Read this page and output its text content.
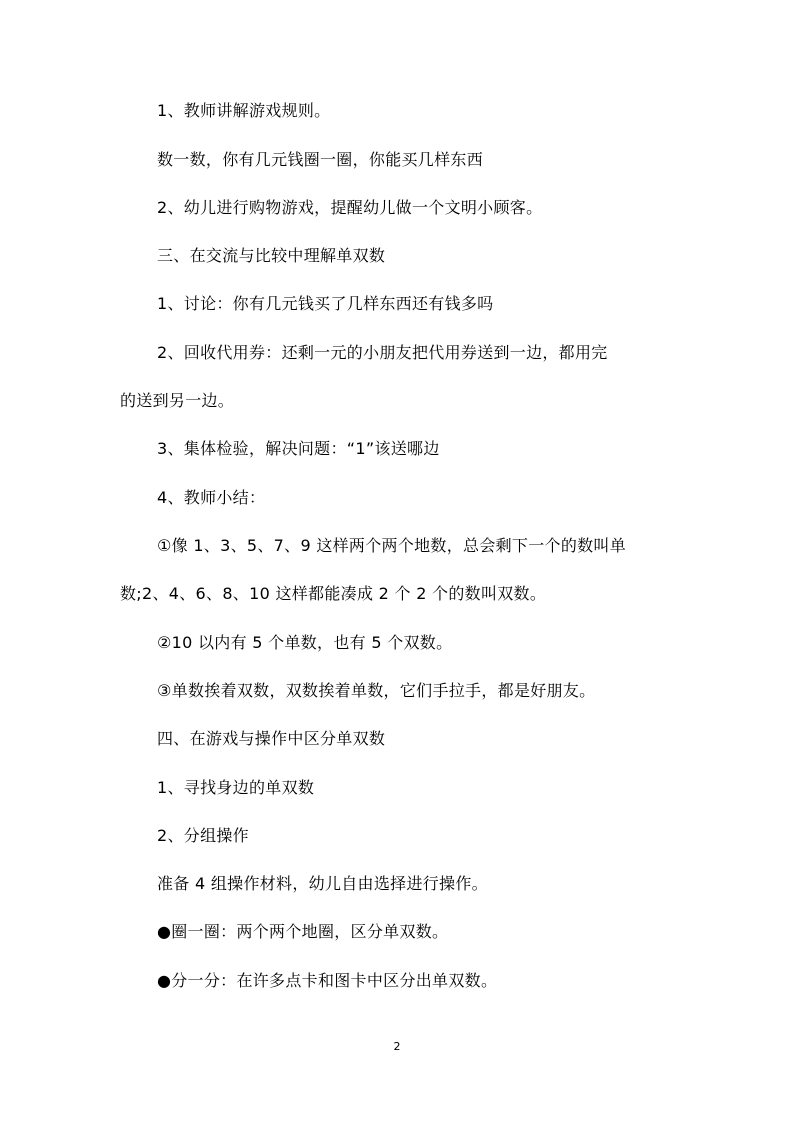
1、教师讲解游戏规则。
数一数，你有几元钱圈一圈，你能买几样东西
2、幼儿进行购物游戏，提醒幼儿做一个文明小顾客。
三、在交流与比较中理解单双数
1、讨论：你有几元钱买了几样东西还有钱多吗
2、回收代用券：还剩一元的小朋友把代用券送到一边，都用完
的送到另一边。
3、集体检验，解决问题：“1”该送哪边
4、教师小结：
①像 1、3、5、7、9 这样两个两个地数，总会剩下一个的数叫单
数;2、4、6、8、10 这样都能凑成 2 个 2 个的数叫双数。
②10 以内有 5 个单数，也有 5 个双数。
③单数挨着双数，双数挨着单数，它们手拉手，都是好朋友。
四、在游戏与操作中区分单双数
1、寻找身边的单双数
2、分组操作
准备 4 组操作材料，幼儿自由选择进行操作。
●圈一圈：两个两个地圈，区分单双数。
●分一分：在许多点卡和图卡中区分出单双数。
2
